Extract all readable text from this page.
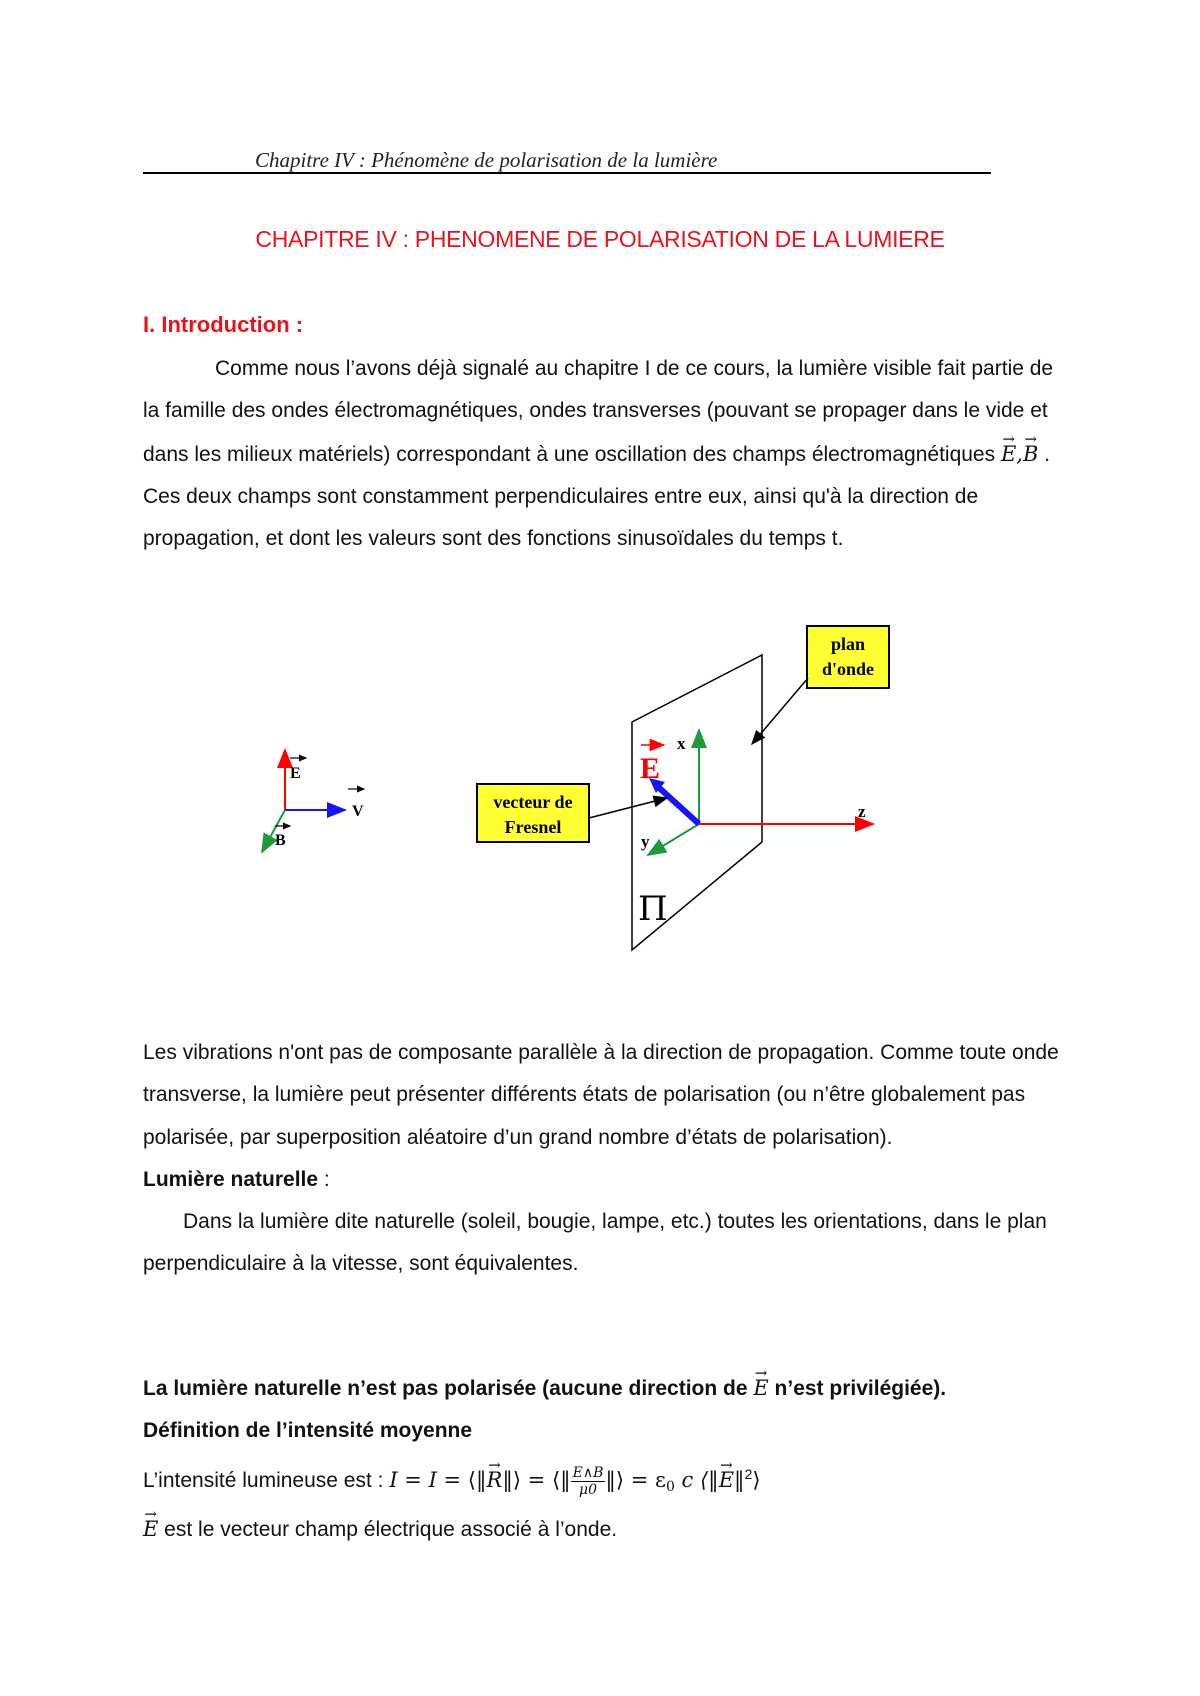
Chapitre IV : Phénomène de polarisation de la lumière
CHAPITRE IV : PHENOMENE DE POLARISATION DE LA LUMIERE
I. Introduction :
Comme nous l’avons déjà signalé au chapitre I de ce cours, la lumière visible fait partie de la famille des ondes électromagnétiques, ondes transverses (pouvant se propager dans le vide et dans les milieux matériels) correspondant à une oscillation des champs électromagnétiques → E,→ B . Ces deux champs sont constamment perpendiculaires entre eux, ainsi qu'à la direction de propagation, et dont les valeurs sont des fonctions sinusoïdales du temps t.
E
V
B
x
y
z
E
Π
plan
d'onde
vecteur de
Fresnel
Les vibrations n'ont pas de composante parallèle à la direction de propagation. Comme toute onde transverse, la lumière peut présenter différents états de polarisation (ou n’être globalement pas polarisée, par superposition aléatoire d’un grand nombre d’états de polarisation).
Lumière naturelle :
Dans la lumière dite naturelle (soleil, bougie, lampe, etc.) toutes les orientations, dans le plan perpendiculaire à la vitesse, sont équivalentes.
La lumière naturelle n’est pas polarisée (aucune direction de → E n’est privilégiée).
Définition de l’intensité moyenne
L’intensité lumineuse est : I = I = ⟨‖→ R‖⟩ = ⟨‖ $\frac{E\wedge B}{\mu 0}$ ‖⟩ = $\varepsilon_0$ c ⟨‖→ E‖$^2$⟩
→ E est le vecteur champ électrique associé à l’onde.
